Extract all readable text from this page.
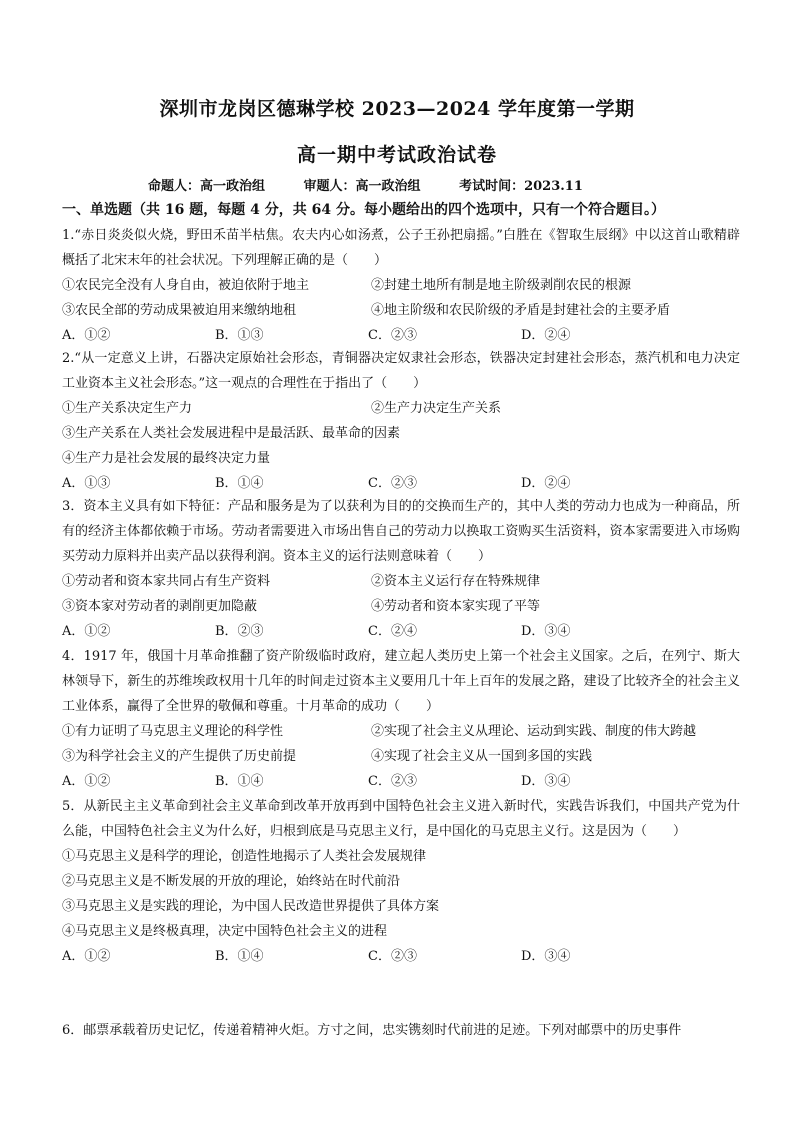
深圳市龙岗区德琳学校 2023—2024 学年度第一学期
高一期中考试政治试卷
命题人：高一政治组	审题人：高一政治组	考试时间：2023.11
一、单选题（共 16 题，每题 4 分，共 64 分。每小题给出的四个选项中，只有一个符合题目。）
1.“赤日炎炎似火烧，野田禾苗半枯焦。农夫内心如汤煮，公子王孙把扇摇。”白胜在《智取生辰纲》中以这首山歌精辟概括了北宋末年的社会状况。下列理解正确的是（　　）
①农民完全没有人身自由，被迫依附于地主	②封建土地所有制是地主阶级剥削农民的根源
③农民全部的劳动成果被迫用来缴纳地租	④地主阶级和农民阶级的矛盾是封建社会的主要矛盾
A．①②	B．①③	C．②③	D．②④
2.“从一定意义上讲，石器决定原始社会形态，青铜器决定奴隶社会形态，铁器决定封建社会形态，蒸汽机和电力决定工业资本主义社会形态。”这一观点的合理性在于指出了（　　）
①生产关系决定生产力	②生产力决定生产关系
③生产关系在人类社会发展进程中是最活跃、最革命的因素
④生产力是社会发展的最终决定力量
A．①③	B．①④	C．②③	D．②④
3．资本主义具有如下特征：产品和服务是为了以获利为目的的交换而生产的，其中人类的劳动力也成为一种商品，所有的经济主体都依赖于市场。劳动者需要进入市场出售自己的劳动力以换取工资购买生活资料，资本家需要进入市场购买劳动力原料并出卖产品以获得利润。资本主义的运行法则意味着（　　）
①劳动者和资本家共同占有生产资料	②资本主义运行存在特殊规律
③资本家对劳动者的剥削更加隐蔽	④劳动者和资本家实现了平等
A．①②	B．②③	C．②④	D．③④
4．1917 年，俄国十月革命推翻了资产阶级临时政府，建立起人类历史上第一个社会主义国家。之后，在列宁、斯大林领导下，新生的苏维埃政权用十几年的时间走过资本主义要用几十年上百年的发展之路，建设了比较齐全的社会主义工业体系，赢得了全世界的敬佩和尊重。十月革命的成功（　　）
①有力证明了马克思主义理论的科学性	②实现了社会主义从理论、运动到实践、制度的伟大跨越
③为科学社会主义的产生提供了历史前提	④实现了社会主义从一国到多国的实践
A．①②	B．①④	C．②③	D．③④
5．从新民主主义革命到社会主义革命到改革开放再到中国特色社会主义进入新时代，实践告诉我们，中国共产党为什么能，中国特色社会主义为什么好，归根到底是马克思主义行，是中国化的马克思主义行。这是因为（　　）
①马克思主义是科学的理论，创造性地揭示了人类社会发展规律
②马克思主义是不断发展的开放的理论，始终站在时代前沿
③马克思主义是实践的理论，为中国人民改造世界提供了具体方案
④马克思主义是终极真理，决定中国特色社会主义的进程
A．①②	B．①④	C．②③	D．③④
6．邮票承载着历史记忆，传递着精神火炬。方寸之间，忠实镌刻时代前进的足迹。下列对邮票中的历史事件
